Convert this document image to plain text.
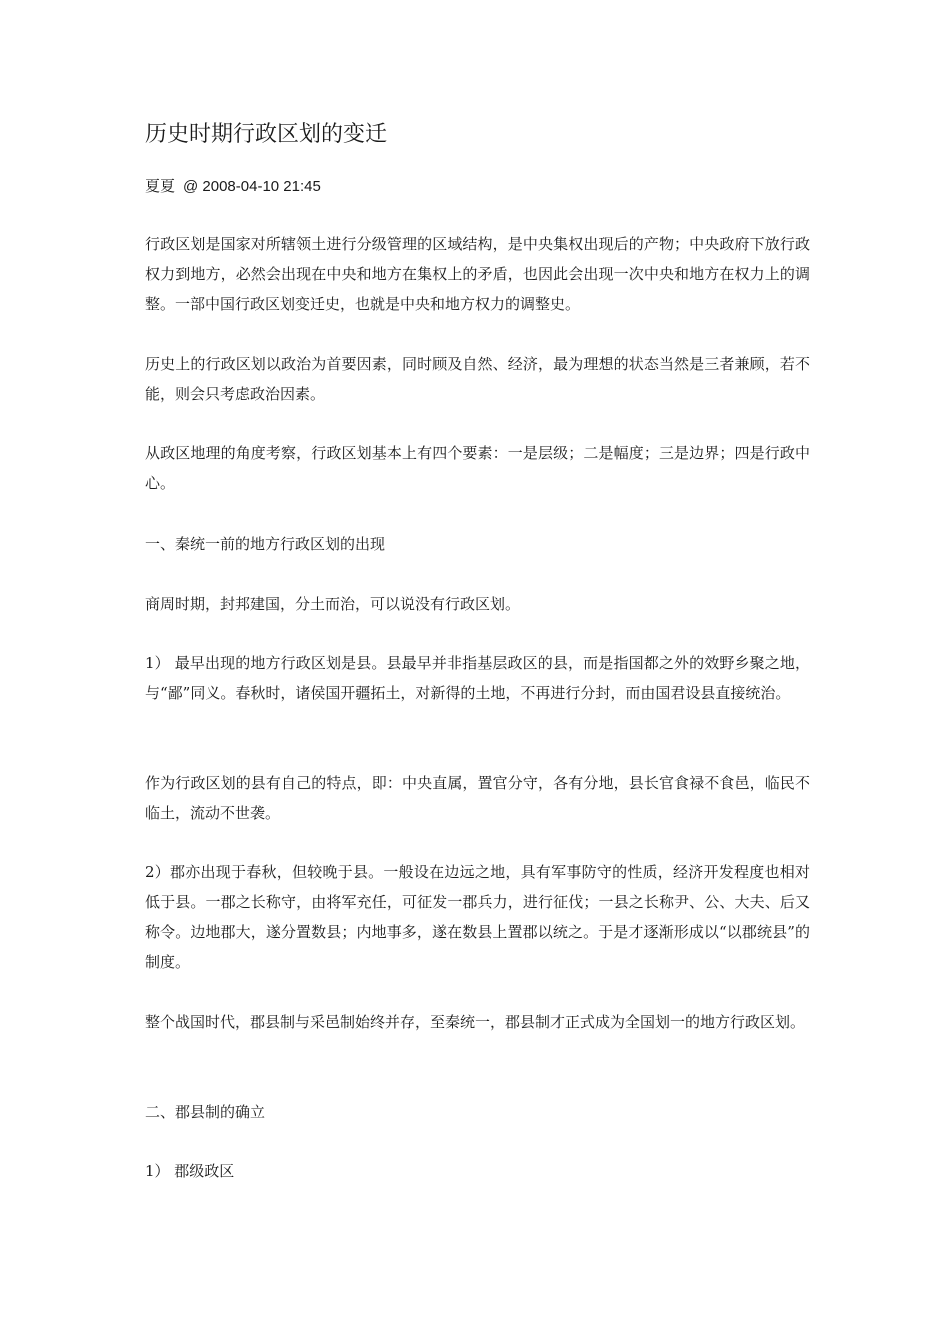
历史时期行政区划的变迁
夏夏 @ 2008-04-10 21:45

行政区划是国家对所辖领土进行分级管理的区域结构，是中央集权出现后的产物；中央政府下放行政权力到地方，必然会出现在中央和地方在集权上的矛盾，也因此会出现一次中央和地方在权力上的调整。一部中国行政区划变迁史，也就是中央和地方权力的调整史。

历史上的行政区划以政治为首要因素，同时顾及自然、经济，最为理想的状态当然是三者兼顾，若不能，则会只考虑政治因素。

从政区地理的角度考察，行政区划基本上有四个要素：一是层级；二是幅度；三是边界；四是行政中心。

一、秦统一前的地方行政区划的出现

商周时期，封邦建国，分土而治，可以说没有行政区划。

1） 最早出现的地方行政区划是县。县最早并非指基层政区的县，而是指国都之外的效野乡聚之地，与“鄙”同义。春秋时，诸侯国开疆拓土，对新得的土地，不再进行分封，而由国君设县直接统治。

作为行政区划的县有自己的特点，即：中央直属，置官分守，各有分地，县长官食禄不食邑，临民不临土，流动不世袭。

2）郡亦出现于春秋，但较晚于县。一般设在边远之地，具有军事防守的性质，经济开发程度也相对低于县。一郡之长称守，由将军充任，可征发一郡兵力，进行征伐；一县之长称尹、公、大夫、后又称令。边地郡大，遂分置数县；内地事多，遂在数县上置郡以统之。于是才逐渐形成以“以郡统县”的制度。

整个战国时代，郡县制与采邑制始终并存，至秦统一，郡县制才正式成为全国划一的地方行政区划。

二、郡县制的确立

1） 郡级政区
